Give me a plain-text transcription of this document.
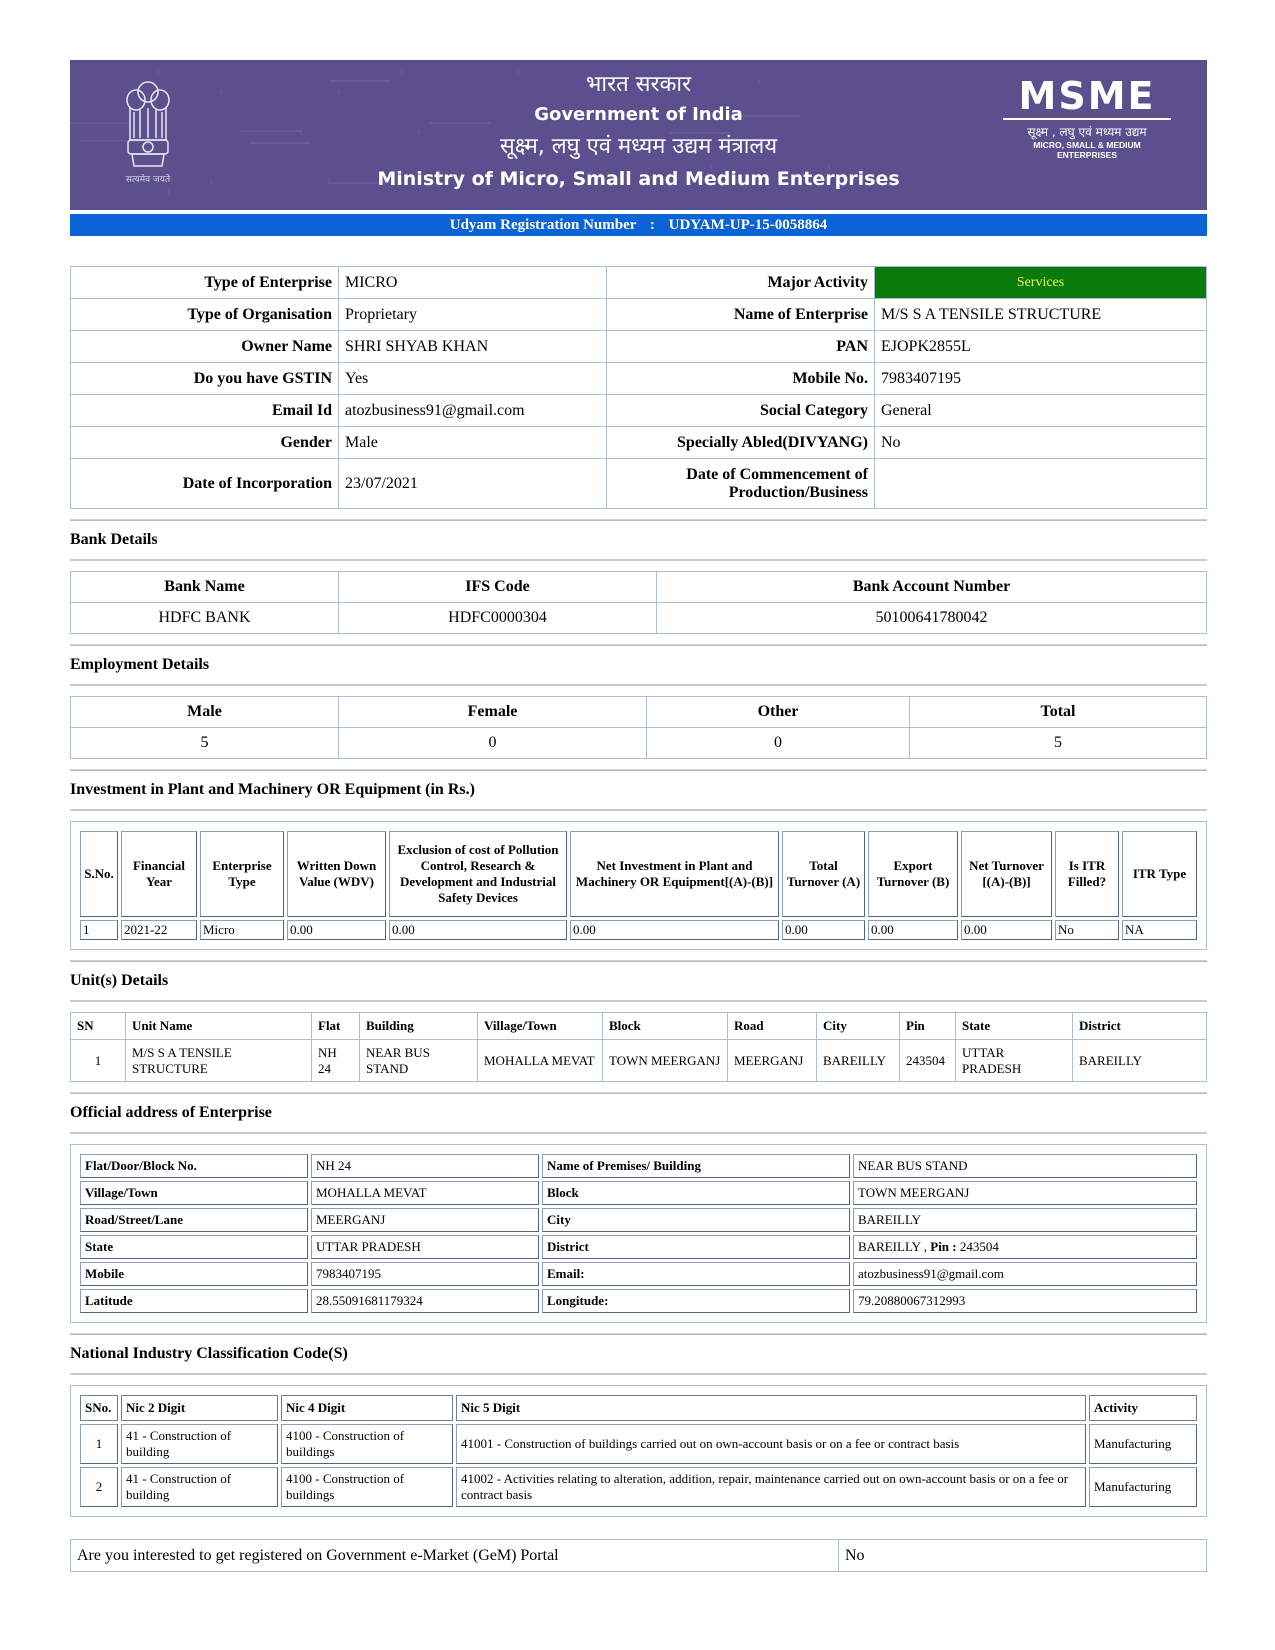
सत्यमेव जयते
भारत सरकार
Government of India
सूक्ष्म, लघु एवं मध्यम उद्यम मंत्रालय
Ministry of Micro, Small and Medium Enterprises
MSME
सूक्ष्म , लघु एवं मध्यम उद्यम
MICRO, SMALL & MEDIUM ENTERPRISES
Udyam Registration Number : UDYAM-UP-15-0058864
Type of Enterprise	MICRO	Major Activity	Services
Type of Organisation	Proprietary	Name of Enterprise	M/S S A TENSILE STRUCTURE
Owner Name	SHRI SHYAB KHAN	PAN	EJOPK2855L
Do you have GSTIN	Yes	Mobile No.	7983407195
Email Id	atozbusiness91@gmail.com	Social Category	General
Gender	Male	Specially Abled(DIVYANG)	No
Date of Incorporation	23/07/2021	Date of Commencement of
Production/Business	

Bank Details
Bank Name	IFS Code	Bank Account Number
HDFC BANK	HDFC0000304	50100641780042
Employment Details
Male	Female	Other	Total
5	0	0	5
Investment in Plant and Machinery OR Equipment (in Rs.)
S.No.	Financial Year	Enterprise Type	Written Down Value (WDV)	Exclusion of cost of Pollution Control, Research & Development and Industrial Safety Devices	Net Investment in Plant and Machinery OR Equipment[(A)-(B)]	Total Turnover (A)	Export Turnover (B)	Net Turnover [(A)-(B)]	Is ITR Filled?	ITR Type
1	2021-22	Micro	0.00	0.00	0.00	0.00	0.00	0.00	No	NA
Unit(s) Details
SN	Unit Name	Flat	Building	Village/Town	Block	Road	City	Pin	State	District
1	M/S S A TENSILE STRUCTURE	NH 24	NEAR BUS STAND	MOHALLA MEVAT	TOWN MEERGANJ	MEERGANJ	BAREILLY	243504	UTTAR PRADESH	BAREILLY
Official address of Enterprise
Flat/Door/Block No.	NH 24	Name of Premises/ Building	NEAR BUS STAND
Village/Town	MOHALLA MEVAT	Block	TOWN MEERGANJ
Road/Street/Lane	MEERGANJ	City	BAREILLY
State	UTTAR PRADESH	District	BAREILLY , Pin : 243504
Mobile	7983407195	Email:	atozbusiness91@gmail.com
Latitude	28.55091681179324	Longitude:	79.20880067312993
National Industry Classification Code(S)
SNo.	Nic 2 Digit	Nic 4 Digit	Nic 5 Digit	Activity
1	41 - Construction of building	4100 - Construction of buildings	41001 - Construction of buildings carried out on own-account basis or on a fee or contract basis	Manufacturing
2	41 - Construction of building	4100 - Construction of buildings	41002 - Activities relating to alteration, addition, repair, maintenance carried out on own-account basis or on a fee or contract basis	Manufacturing
Are you interested to get registered on Government e-Market (GeM) Portal	No
